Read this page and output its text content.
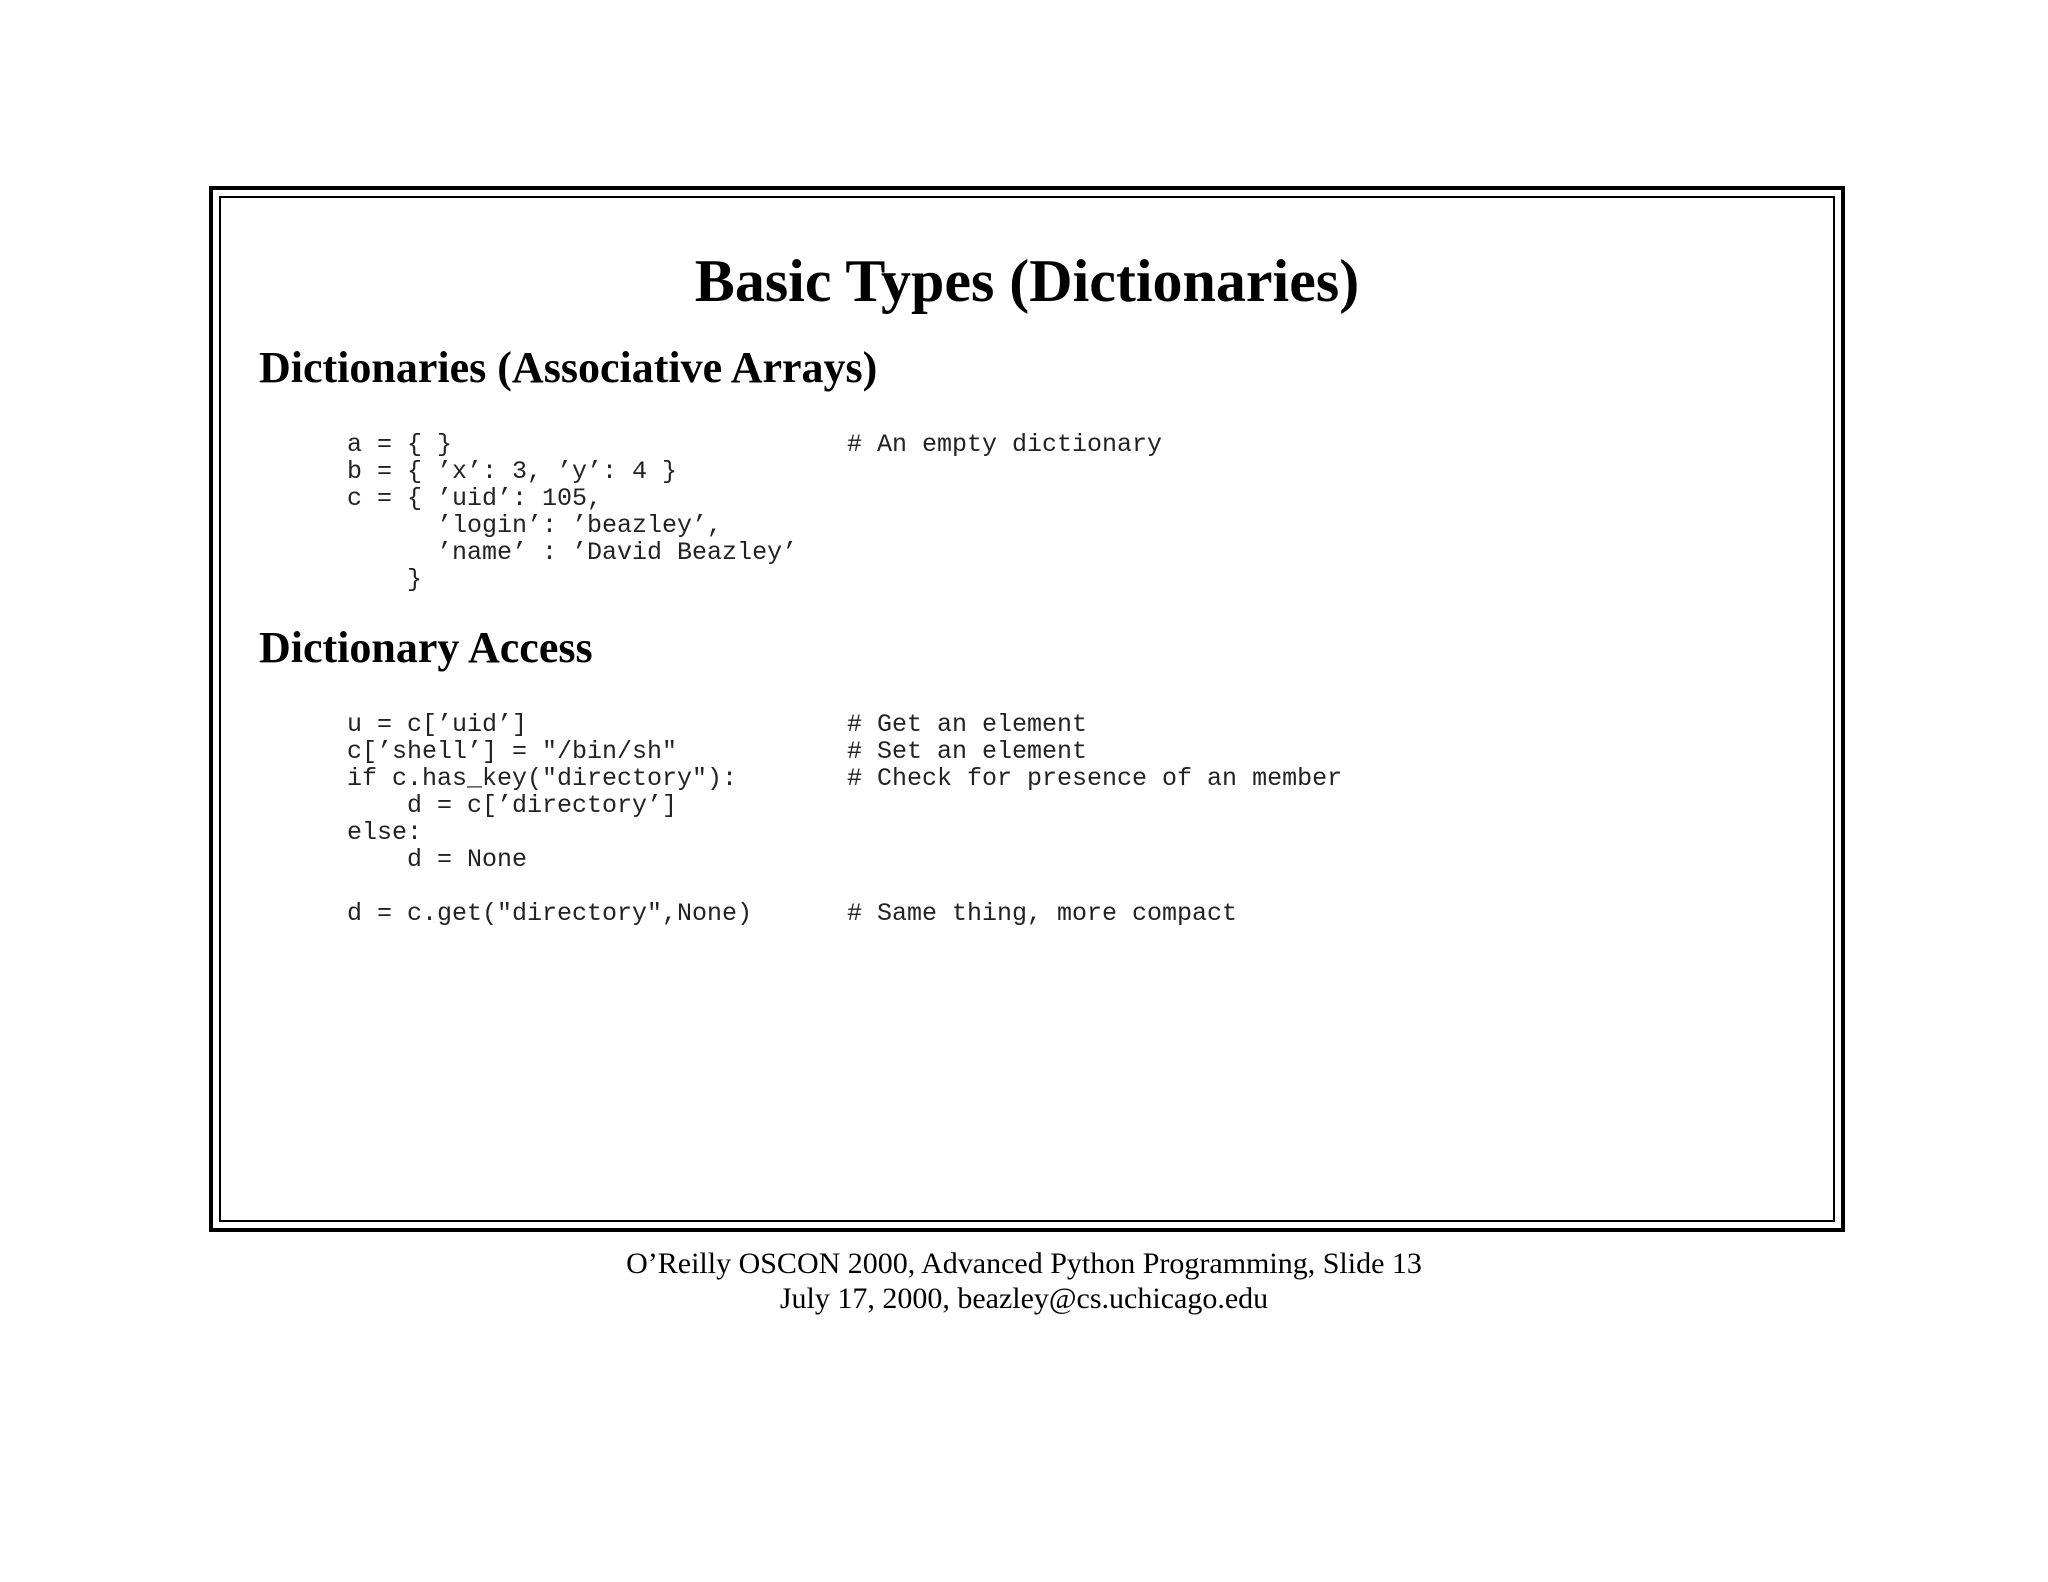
Basic Types (Dictionaries)
Dictionaries (Associative Arrays)

a = { }

	# An empty dictionary

b = { ’x’: 3, ’y’: 4 }

c = { ’uid’: 105,

’login’: ’beazley’,

’name’ : ’David Beazley’

}

Dictionary Access

u = c[’uid’]

	# Get an element

c[’shell’] = "/bin/sh"

	# Set an element

if c.has_key("directory"):

	# Check for presence of an member

d = c[’directory’]

else:

d = None

d = c.get("directory",None)

	# Same thing, more compact

O’Reilly OSCON 2000, Advanced Python Programming, Slide 13

July 17, 2000, beazley@cs.uchicago.edu
